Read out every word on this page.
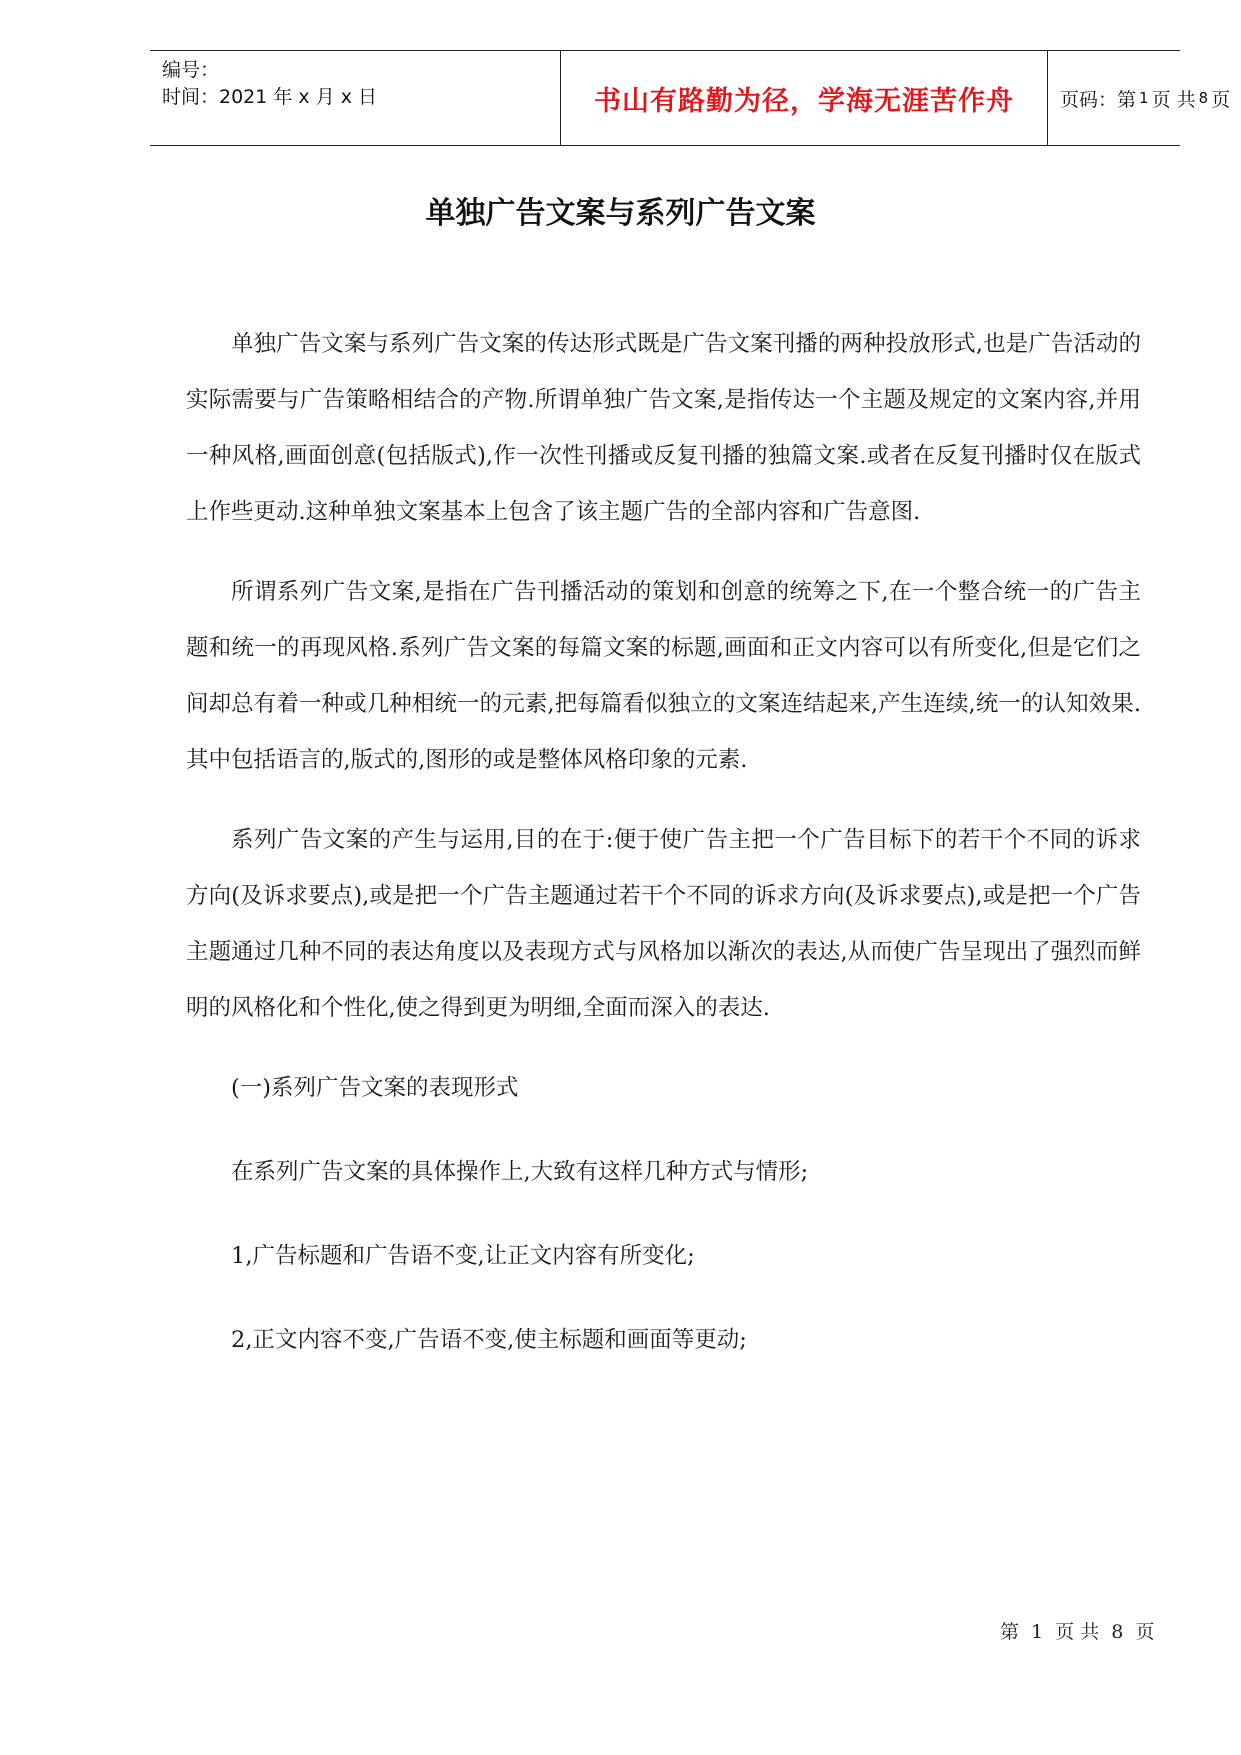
编号：
时间：2021 年 x 月 x 日	书山有路勤为径，学海无涯苦作舟	页码：第 1 页 共 8 页
单独广告文案与系列广告文案

单独广告文案与系列广告文案的传达形式既是广告文案刊播的两种投放形式,也是广告活动的实际需要与广告策略相结合的产物.所谓单独广告文案,是指传达一个主题及规定的文案内容,并用一种风格,画面创意(包括版式),作一次性刊播或反复刊播的独篇文案.或者在反复刊播时仅在版式上作些更动.这种单独文案基本上包含了该主题广告的全部内容和广告意图.

所谓系列广告文案,是指在广告刊播活动的策划和创意的统筹之下,在一个整合统一的广告主题和统一的再现风格.系列广告文案的每篇文案的标题,画面和正文内容可以有所变化,但是它们之间却总有着一种或几种相统一的元素,把每篇看似独立的文案连结起来,产生连续,统一的认知效果.其中包括语言的,版式的,图形的或是整体风格印象的元素.

系列广告文案的产生与运用,目的在于:便于使广告主把一个广告目标下的若干个不同的诉求方向(及诉求要点),或是把一个广告主题通过若干个不同的诉求方向(及诉求要点),或是把一个广告主题通过几种不同的表达角度以及表现方式与风格加以渐次的表达,从而使广告呈现出了强烈而鲜明的风格化和个性化,使之得到更为明细,全面而深入的表达.

(一)系列广告文案的表现形式

在系列广告文案的具体操作上,大致有这样几种方式与情形;

1,广告标题和广告语不变,让正文内容有所变化;

2,正文内容不变,广告语不变,使主标题和画面等更动;

第 1 页 共 8 页
